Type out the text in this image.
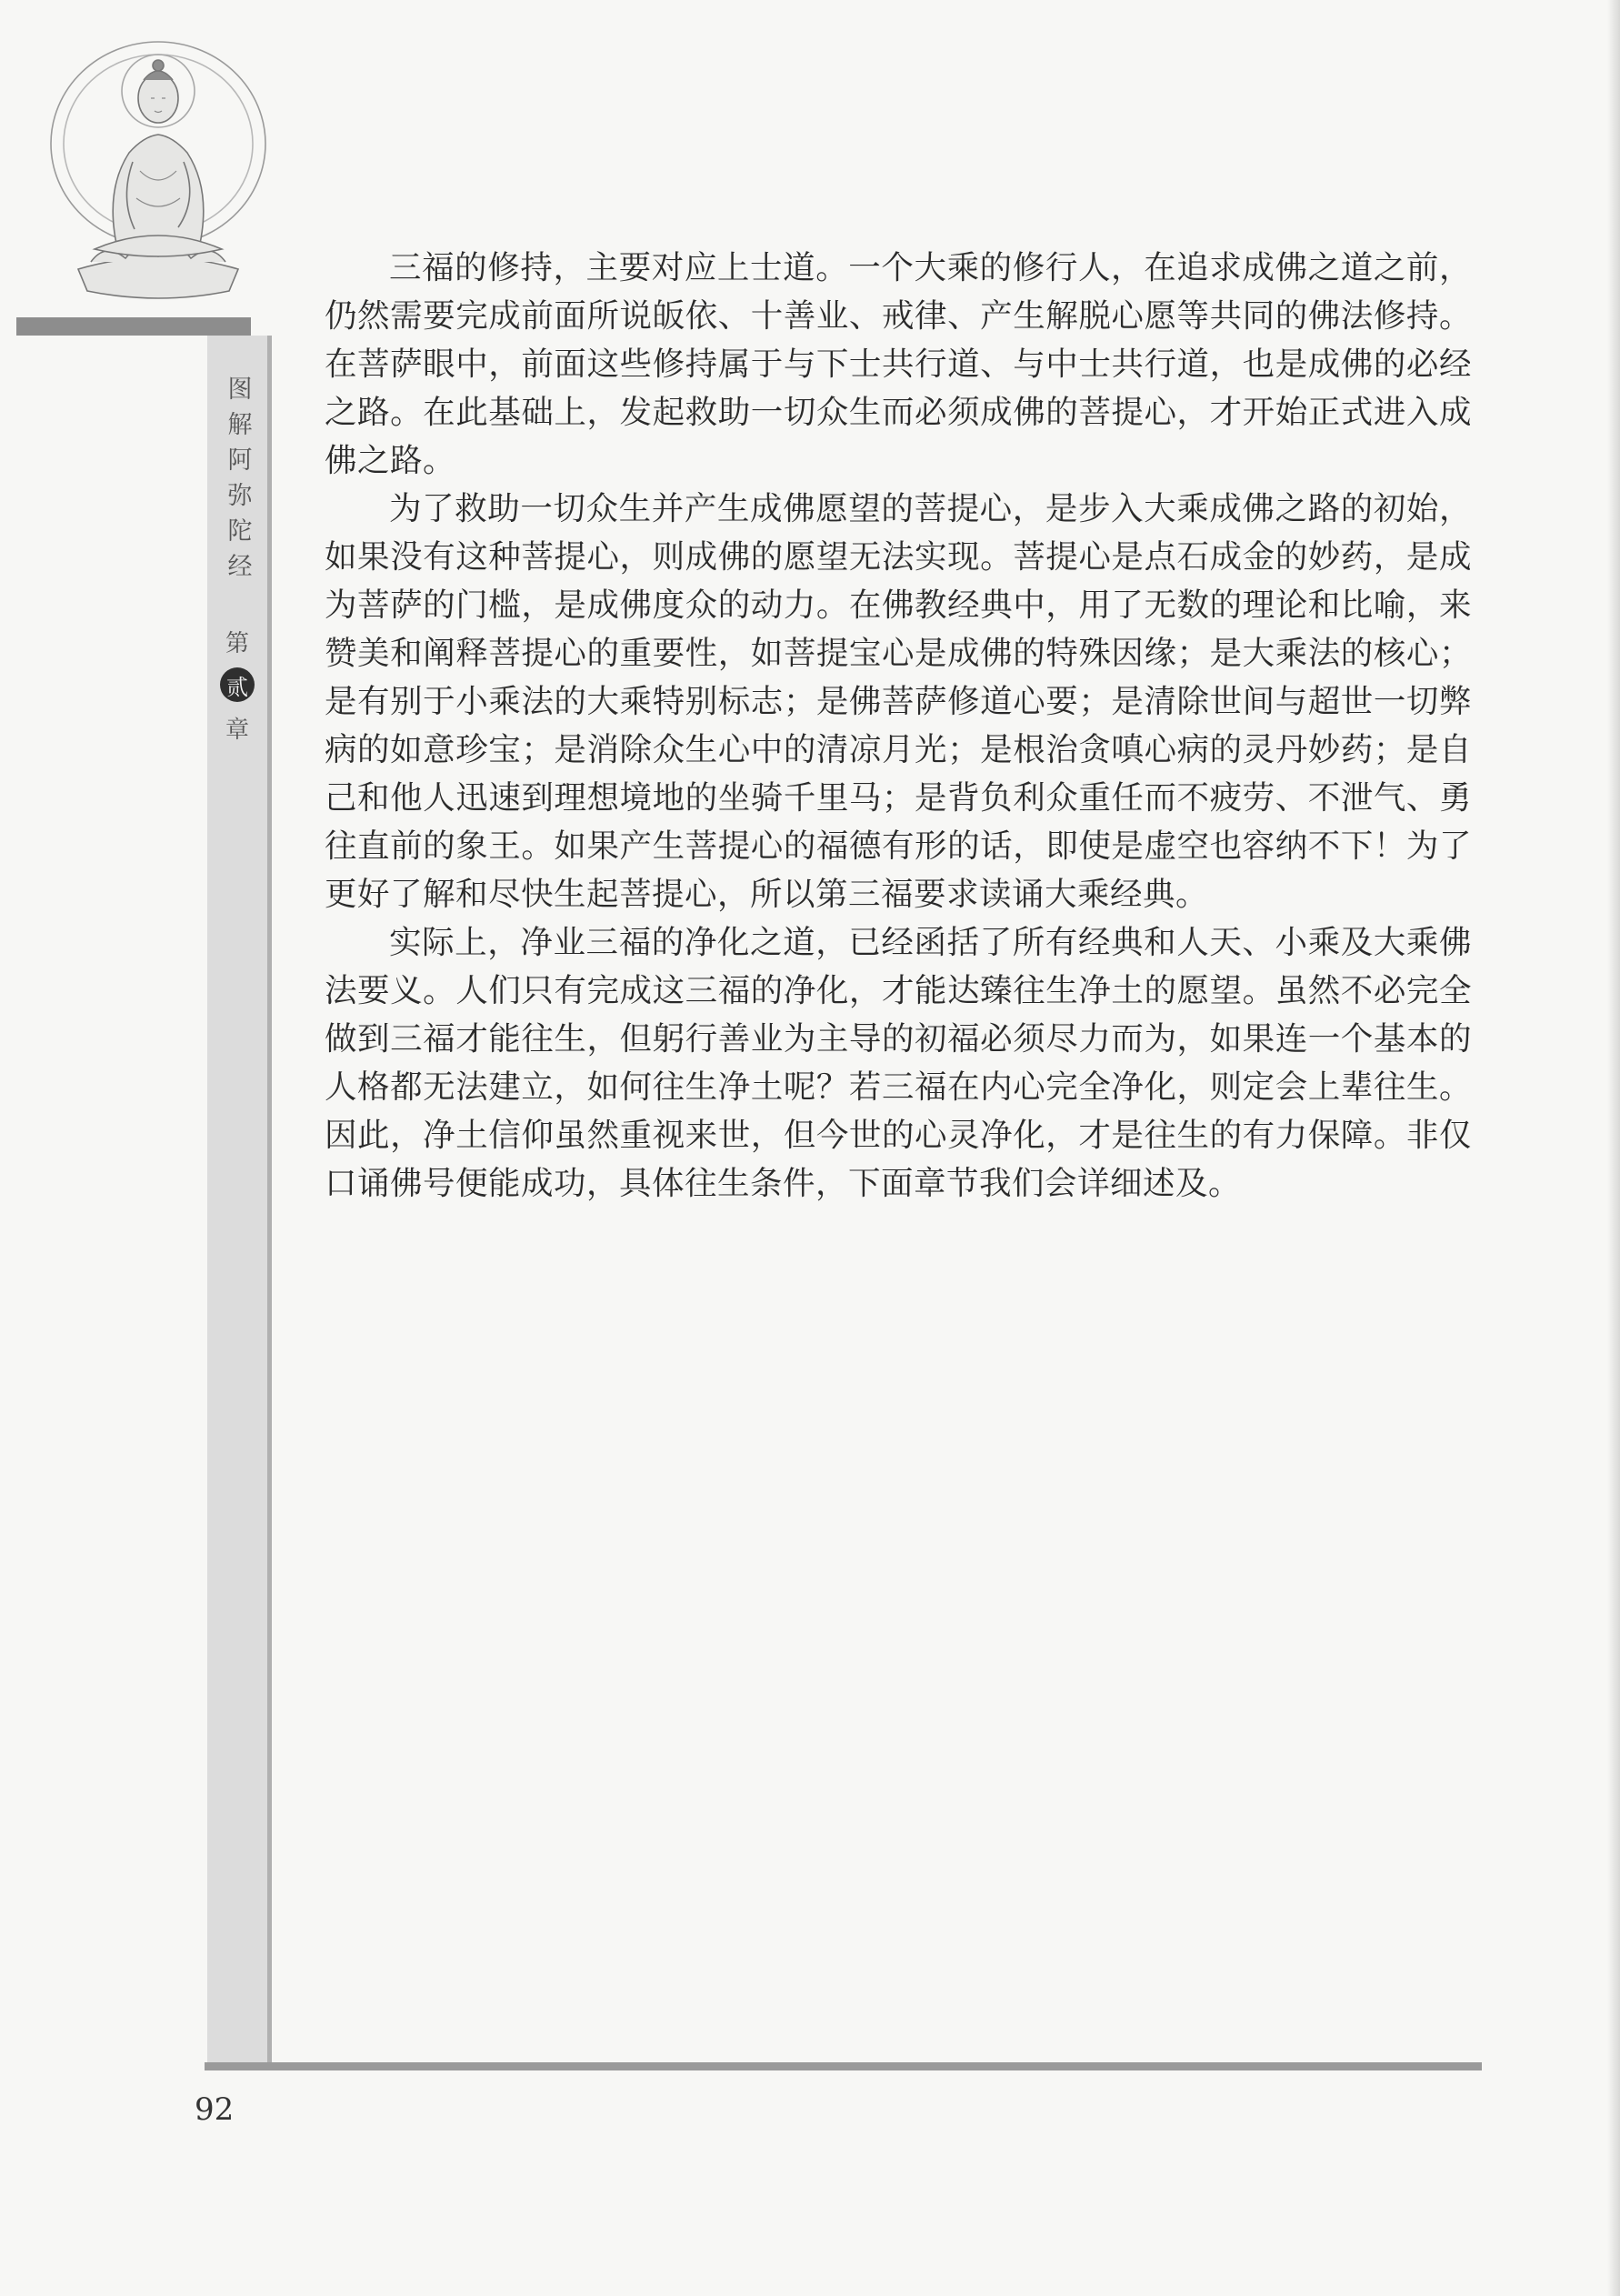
图解阿弥陀经
第
贰
章

三福的修持，主要对应上士道。一个大乘的修行人，在追求成佛之道之前，仍然需要完成前面所说皈依、十善业、戒律、产生解脱心愿等共同的佛法修持。在菩萨眼中，前面这些修持属于与下士共行道、与中士共行道，也是成佛的必经之路。在此基础上，发起救助一切众生而必须成佛的菩提心，才开始正式进入成佛之路。

为了救助一切众生并产生成佛愿望的菩提心，是步入大乘成佛之路的初始，如果没有这种菩提心，则成佛的愿望无法实现。菩提心是点石成金的妙药，是成为菩萨的门槛，是成佛度众的动力。在佛教经典中，用了无数的理论和比喻，来赞美和阐释菩提心的重要性，如菩提宝心是成佛的特殊因缘；是大乘法的核心；是有别于小乘法的大乘特别标志；是佛菩萨修道心要；是清除世间与超世一切弊病的如意珍宝；是消除众生心中的清凉月光；是根治贪嗔心病的灵丹妙药；是自己和他人迅速到理想境地的坐骑千里马；是背负利众重任而不疲劳、不泄气、勇往直前的象王。如果产生菩提心的福德有形的话，即使是虚空也容纳不下！为了更好了解和尽快生起菩提心，所以第三福要求读诵大乘经典。

实际上，净业三福的净化之道，已经函括了所有经典和人天、小乘及大乘佛法要义。人们只有完成这三福的净化，才能达臻往生净土的愿望。虽然不必完全做到三福才能往生，但躬行善业为主导的初福必须尽力而为，如果连一个基本的人格都无法建立，如何往生净土呢？若三福在内心完全净化，则定会上辈往生。因此，净土信仰虽然重视来世，但今世的心灵净化，才是往生的有力保障。非仅口诵佛号便能成功，具体往生条件，下面章节我们会详细述及。

92
